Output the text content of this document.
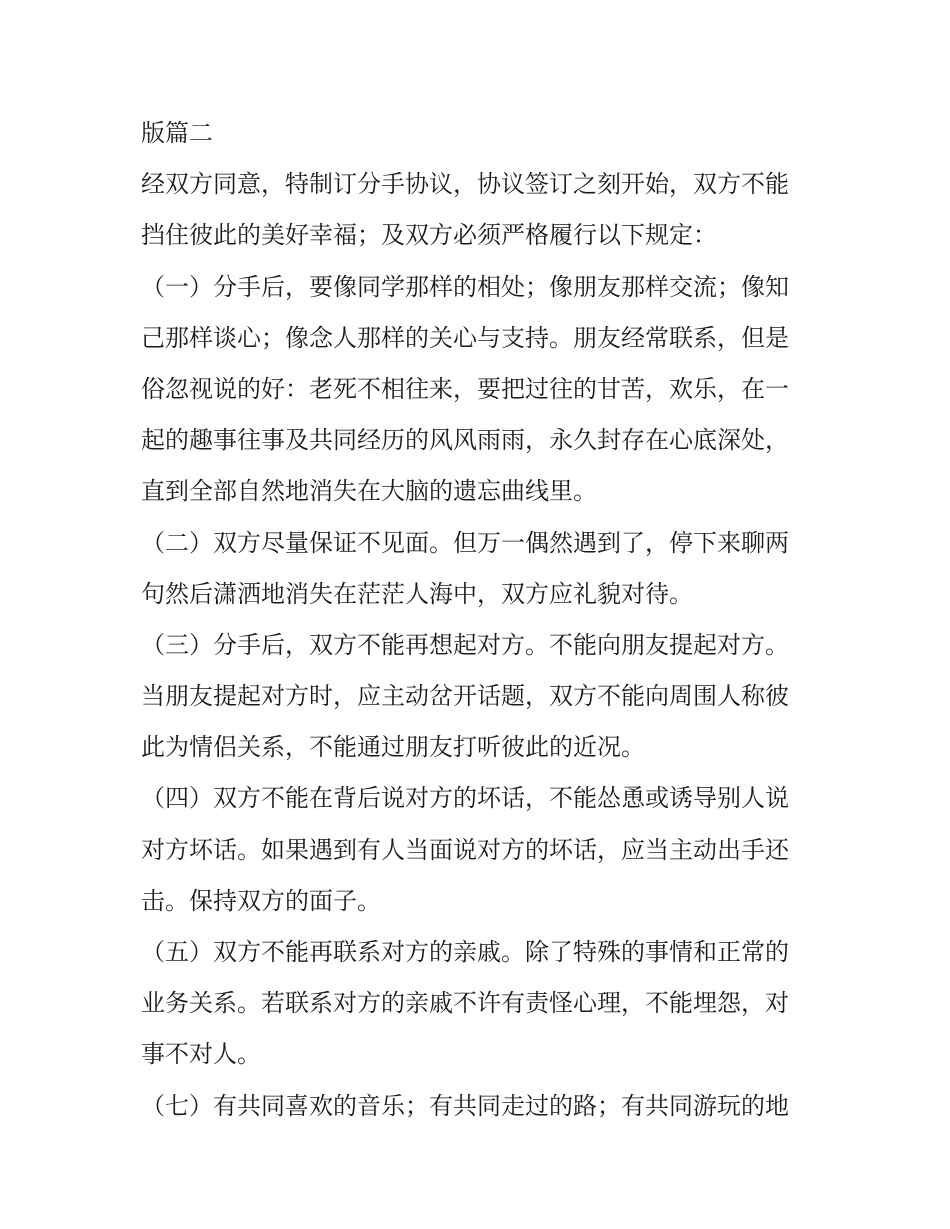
版篇二
经双方同意，特制订分手协议，协议签订之刻开始，双方不能
挡住彼此的美好幸福；及双方必须严格履行以下规定：
（一）分手后，要像同学那样的相处；像朋友那样交流；像知
己那样谈心；像念人那样的关心与支持。朋友经常联系，但是
俗忽视说的好：老死不相往来，要把过往的甘苦，欢乐，在一
起的趣事往事及共同经历的风风雨雨，永久封存在心底深处，
直到全部自然地消失在大脑的遗忘曲线里。
（二）双方尽量保证不见面。但万一偶然遇到了，停下来聊两
句然后潇洒地消失在茫茫人海中，双方应礼貌对待。
（三）分手后，双方不能再想起对方。不能向朋友提起对方。
当朋友提起对方时，应主动岔开话题，双方不能向周围人称彼
此为情侣关系，不能通过朋友打听彼此的近况。
（四）双方不能在背后说对方的坏话，不能怂恿或诱导别人说
对方坏话。如果遇到有人当面说对方的坏话，应当主动出手还
击。保持双方的面子。
（五）双方不能再联系对方的亲戚。除了特殊的事情和正常的
业务关系。若联系对方的亲戚不许有责怪心理，不能埋怨，对
事不对人。
（七）有共同喜欢的音乐；有共同走过的路；有共同游玩的地
